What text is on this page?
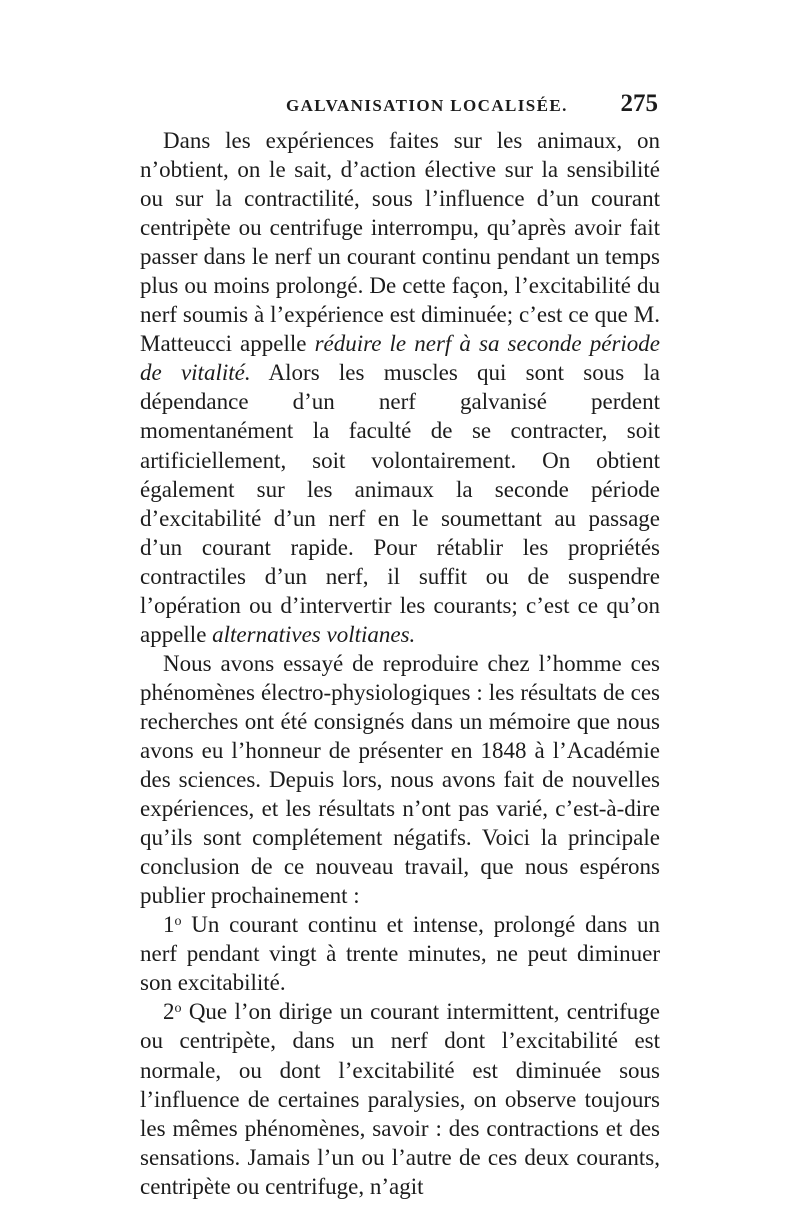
GALVANISATION LOCALISÉE. 275

Dans les expériences faites sur les animaux, on n’obtient, on le sait, d’action élective sur la sensibilité ou sur la contractilité, sous l’influence d’un courant centripète ou centrifuge interrompu, qu’après avoir fait passer dans le nerf un courant continu pendant un temps plus ou moins prolongé. De cette façon, l’excitabilité du nerf soumis à l’expérience est diminuée; c’est ce que M. Matteucci appelle réduire le nerf à sa seconde période de vitalité. Alors les muscles qui sont sous la dépendance d’un nerf galvanisé perdent momentanément la faculté de se contracter, soit artificiellement, soit volontairement. On obtient également sur les animaux la seconde période d’excitabilité d’un nerf en le soumettant au passage d’un courant rapide. Pour rétablir les propriétés contractiles d’un nerf, il suffit ou de suspendre l’opération ou d’intervertir les courants; c’est ce qu’on appelle alternatives voltianes.

Nous avons essayé de reproduire chez l’homme ces phénomènes électro-physiologiques : les résultats de ces recherches ont été consignés dans un mémoire que nous avons eu l’honneur de présenter en 1848 à l’Académie des sciences. Depuis lors, nous avons fait de nouvelles expériences, et les résultats n’ont pas varié, c’est-à-dire qu’ils sont complétement négatifs. Voici la principale conclusion de ce nouveau travail, que nous espérons publier prochainement :

1$^o$ Un courant continu et intense, prolongé dans un nerf pendant vingt à trente minutes, ne peut diminuer son excitabilité.

2$^o$ Que l’on dirige un courant intermittent, centrifuge ou centripète, dans un nerf dont l’excitabilité est normale, ou dont l’excitabilité est diminuée sous l’influence de certaines paralysies, on observe toujours les mêmes phénomènes, savoir : des contractions et des sensations. Jamais l’un ou l’autre de ces deux courants, centripète ou centrifuge, n’agit
